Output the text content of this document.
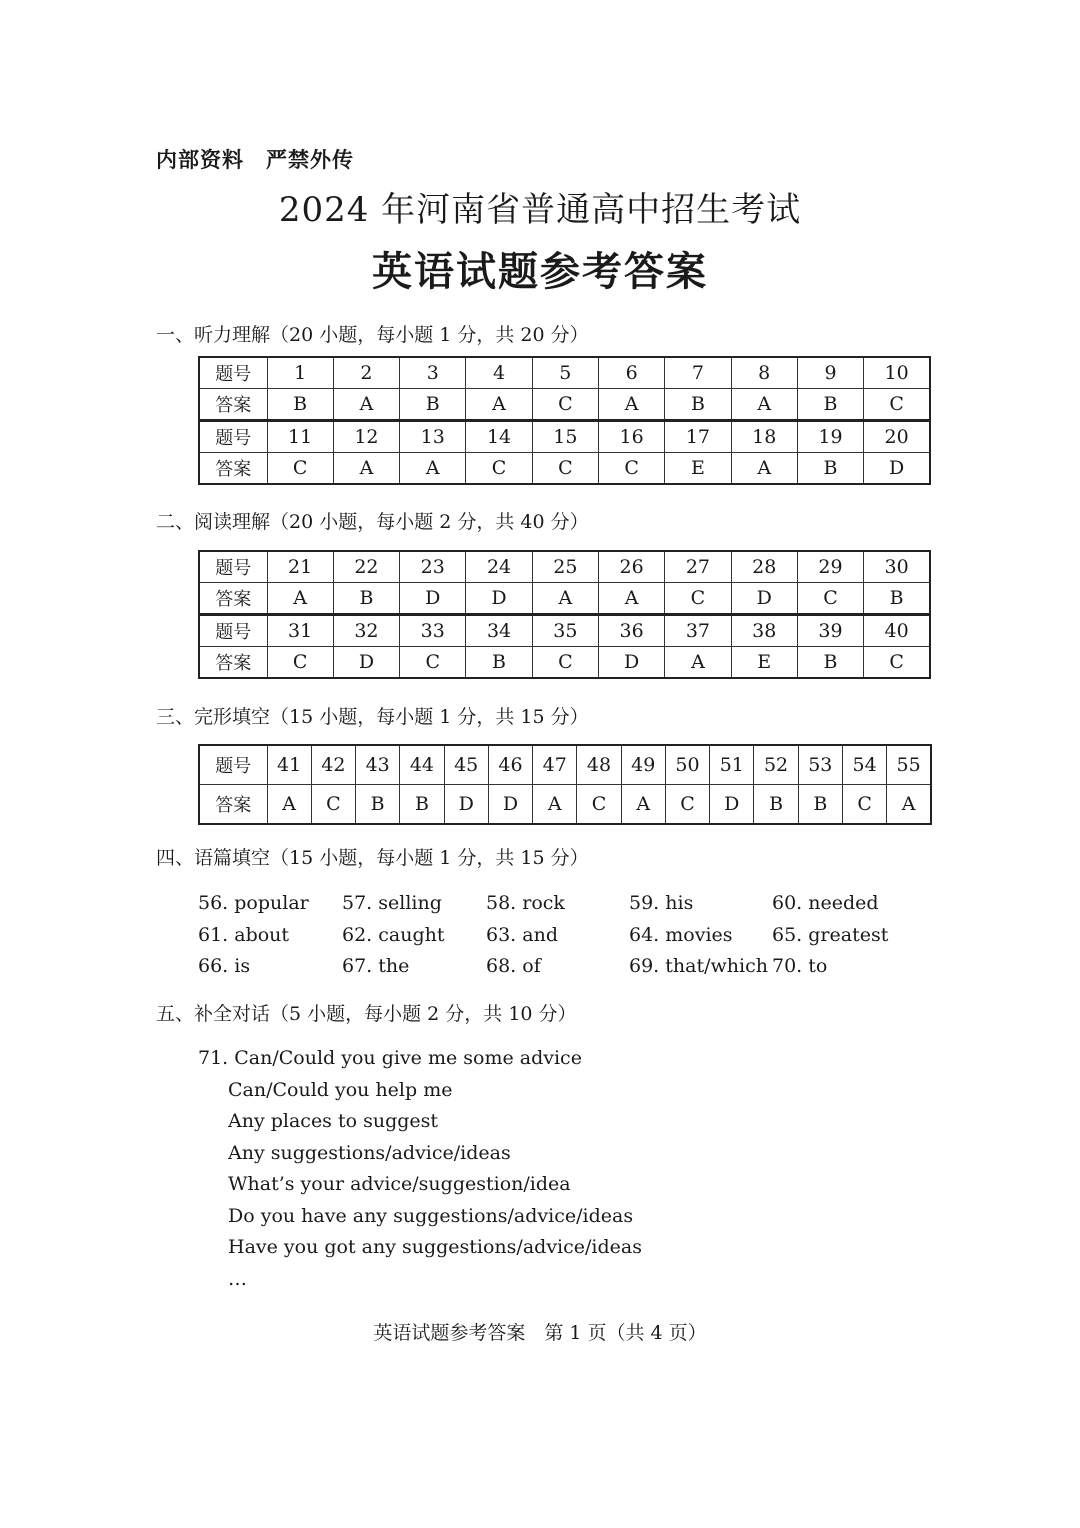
内部资料　严禁外传
2024 年河南省普通高中招生考试
英语试题参考答案
一、听力理解（20 小题，每小题 1 分，共 20 分）
题号	1	2	3	4	5	6	7	8	9	10
答案	B	A	B	A	C	A	B	A	B	C
题号	11	12	13	14	15	16	17	18	19	20
答案	C	A	A	C	C	C	E	A	B	D
二、阅读理解（20 小题，每小题 2 分，共 40 分）
题号	21	22	23	24	25	26	27	28	29	30
答案	A	B	D	D	A	A	C	D	C	B
题号	31	32	33	34	35	36	37	38	39	40
答案	C	D	C	B	C	D	A	E	B	C
三、完形填空（15 小题，每小题 1 分，共 15 分）
题号	41	42	43	44	45	46	47	48	49	50	51	52	53	54	55
答案	A	C	B	B	D	D	A	C	A	C	D	B	B	C	A
四、语篇填空（15 小题，每小题 1 分，共 15 分）
56. popular 57. selling 58. rock	59. his	60. needed
61. about	62. caught 63. and	64. movies 65. greatest
66. is	67. the	68. of	69. that/which 70. to
五、补全对话（5 小题，每小题 2 分，共 10 分）
71. Can/Could you give me some advice
Can/Could you help me
Any places to suggest
Any suggestions/advice/ideas
What’s your advice/suggestion/idea
Do you have any suggestions/advice/ideas
Have you got any suggestions/advice/ideas
…
英语试题参考答案　第 1 页（共 4 页）
